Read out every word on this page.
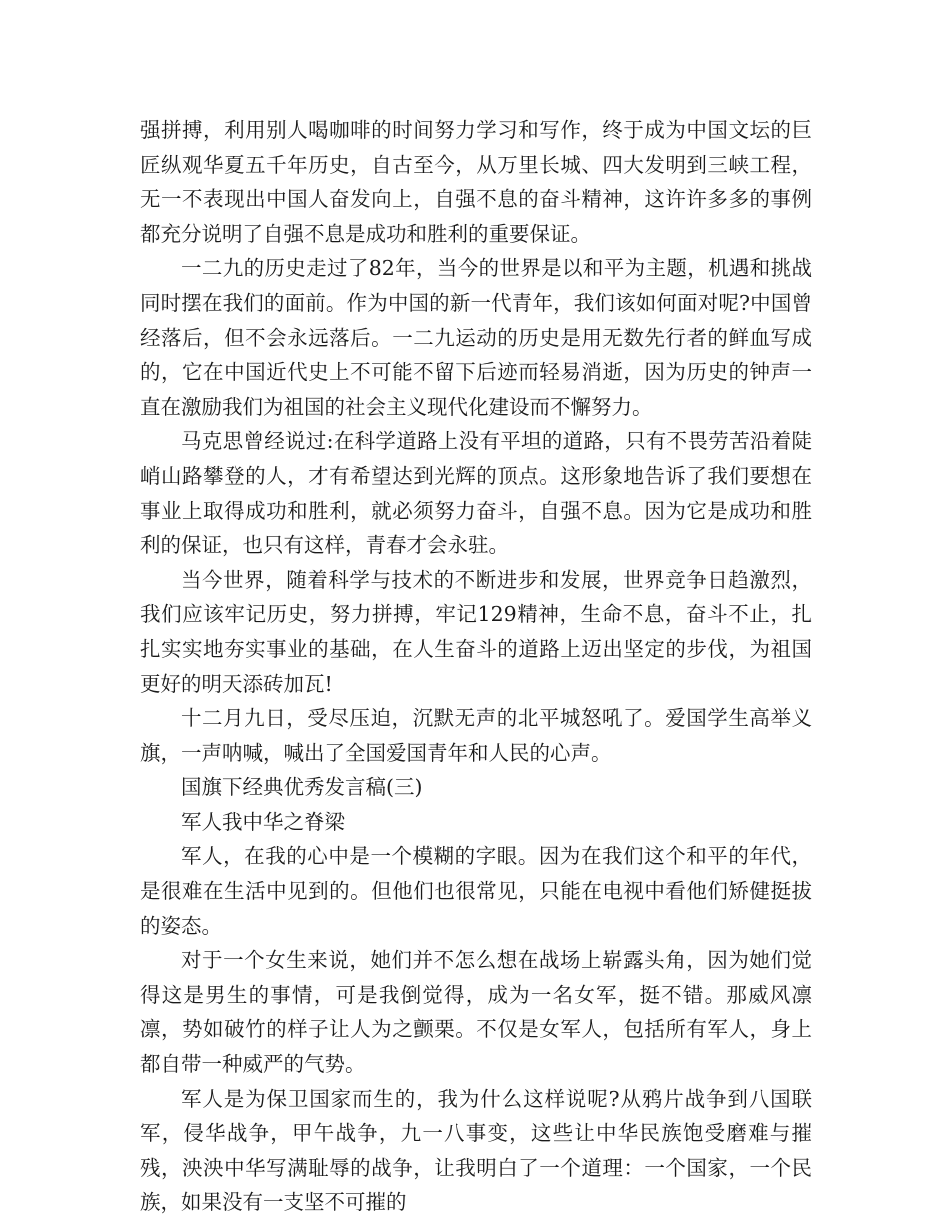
强拼搏，利用别人喝咖啡的时间努力学习和写作，终于成为中国文坛的巨匠纵观华夏五千年历史，自古至今，从万里长城、四大发明到三峡工程，无一不表现出中国人奋发向上，自强不息的奋斗精神，这许许多多的事例都充分说明了自强不息是成功和胜利的重要保证。

一二九的历史走过了82年，当今的世界是以和平为主题，机遇和挑战同时摆在我们的面前。作为中国的新一代青年，我们该如何面对呢?中国曾经落后，但不会永远落后。一二九运动的历史是用无数先行者的鲜血写成的，它在中国近代史上不可能不留下后迹而轻易消逝，因为历史的钟声一直在激励我们为祖国的社会主义现代化建设而不懈努力。

马克思曾经说过:在科学道路上没有平坦的道路，只有不畏劳苦沿着陡峭山路攀登的人，才有希望达到光辉的顶点。这形象地告诉了我们要想在事业上取得成功和胜利，就必须努力奋斗，自强不息。因为它是成功和胜利的保证，也只有这样，青春才会永驻。

当今世界，随着科学与技术的不断进步和发展，世界竞争日趋激烈，我们应该牢记历史，努力拼搏，牢记129精神，生命不息，奋斗不止，扎扎实实地夯实事业的基础，在人生奋斗的道路上迈出坚定的步伐，为祖国更好的明天添砖加瓦!

十二月九日，受尽压迫，沉默无声的北平城怒吼了。爱国学生高举义旗，一声呐喊，喊出了全国爱国青年和人民的心声。

国旗下经典优秀发言稿(三)

军人我中华之脊梁

军人，在我的心中是一个模糊的字眼。因为在我们这个和平的年代，是很难在生活中见到的。但他们也很常见，只能在电视中看他们矫健挺拔的姿态。

对于一个女生来说，她们并不怎么想在战场上崭露头角，因为她们觉得这是男生的事情，可是我倒觉得，成为一名女军，挺不错。那威风凛凛，势如破竹的样子让人为之颤栗。不仅是女军人，包括所有军人，身上都自带一种威严的气势。

军人是为保卫国家而生的，我为什么这样说呢?从鸦片战争到八国联军，侵华战争，甲午战争，九一八事变，这些让中华民族饱受磨难与摧残，泱泱中华写满耻辱的战争，让我明白了一个道理：一个国家，一个民族，如果没有一支坚不可摧的
